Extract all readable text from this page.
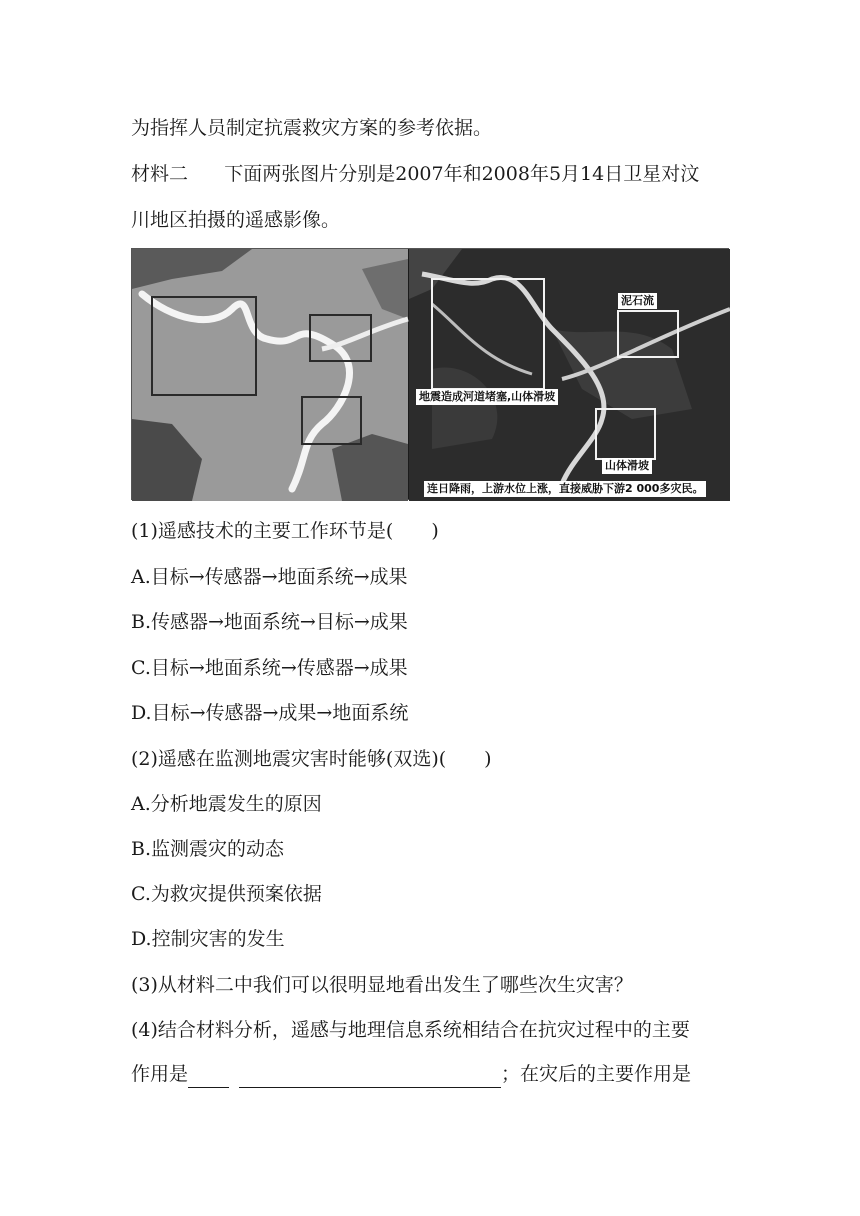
为指挥人员制定抗震救灾方案的参考依据。
材料二      下面两张图片分别是2007年和2008年5月14日卫星对汶
川地区拍摄的遥感影像。
地震造成河道堵塞,山体滑坡
泥石流
山体滑坡
连日降雨，上游水位上涨，直接威胁下游2 000多灾民。
(1)遥感技术的主要工作环节是(　　)
A.目标→传感器→地面系统→成果
B.传感器→地面系统→目标→成果
C.目标→地面系统→传感器→成果
D.目标→传感器→成果→地面系统
(2)遥感在监测地震灾害时能够(双选)(　　)
A.分析地震发生的原因
B.监测震灾的动态
C.为救灾提供预案依据
D.控制灾害的发生
(3)从材料二中我们可以很明显地看出发生了哪些次生灾害？
(4)结合材料分析，遥感与地理信息系统相结合在抗灾过程中的主要
作用是	；在灾后的主要作用是
